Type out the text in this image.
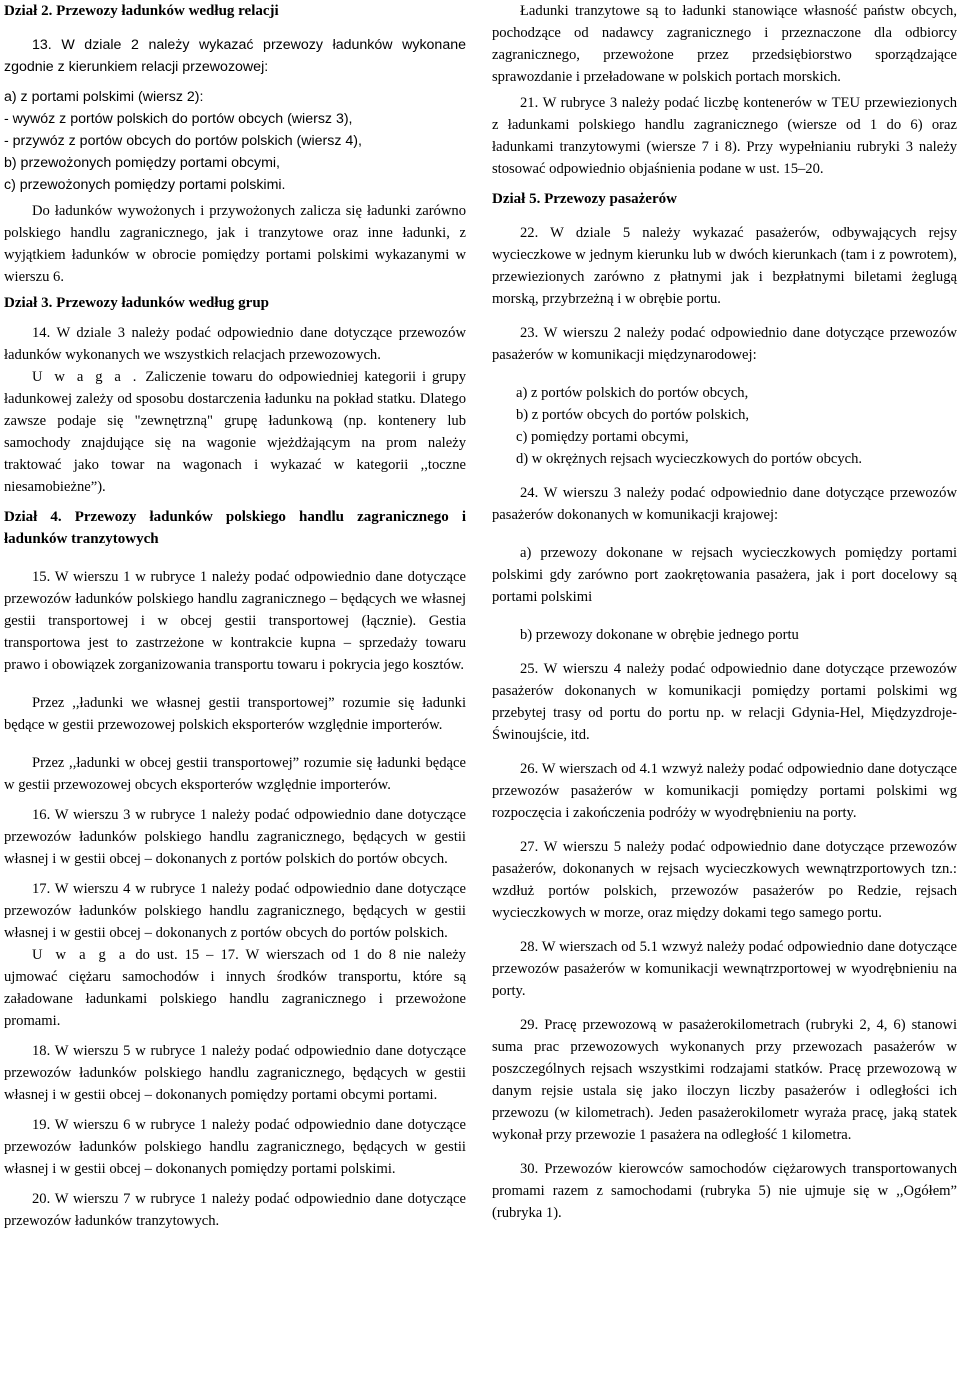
Dział 2. Przewozy ładunków według relacji

13. W dziale 2 należy wykazać przewozy ładunków wykonane zgodnie z kierunkiem relacji przewozowej:

a) z portami polskimi (wiersz 2):

- wywóz z portów polskich do portów obcych (wiersz 3),

- przywóz z portów obcych do portów polskich (wiersz 4),

b) przewożonych pomiędzy portami obcymi,

c) przewożonych pomiędzy portami polskimi.

Do ładunków wywożonych i przywożonych zalicza się ładunki zarówno polskiego handlu zagranicznego, jak i tranzytowe oraz inne ładunki, z wyjątkiem ładunków w obrocie pomiędzy portami polskimi wykazanymi w wierszu 6.

Dział 3. Przewozy ładunków według grup

14. W dziale 3 należy podać odpowiednio dane dotyczące przewozów ładunków wykonanych we wszystkich relacjach przewozowych.

U w a g a . Zaliczenie towaru do odpowiedniej kategorii i grupy ładunkowej zależy od sposobu dostarczenia ładunku na pokład statku. Dlatego zawsze podaje się "zewnętrzną" grupę ładunkową (np. kontenery lub samochody znajdujące się na wagonie wjeżdżającym na prom należy traktować jako towar na wagonach i wykazać w kategorii ,,toczne niesamobieżne”).

Dział 4. Przewozy ładunków polskiego handlu zagranicznego i ładunków tranzytowych

15. W wierszu 1 w rubryce 1 należy podać odpowiednio dane dotyczące przewozów ładunków polskiego handlu zagranicznego – będących we własnej gestii transportowej i w obcej gestii transportowej (łącznie). Gestia transportowa jest to zastrzeżone w kontrakcie kupna – sprzedaży towaru prawo i obowiązek zorganizowania transportu towaru i pokrycia jego kosztów.

Przez ,,ładunki we własnej gestii transportowej” rozumie się ładunki będące w gestii przewozowej polskich eksporterów względnie importerów.

Przez ,,ładunki w obcej gestii transportowej” rozumie się ładunki będące w gestii przewozowej obcych eksporterów względnie importerów.

16. W wierszu 3 w rubryce 1 należy podać odpowiednio dane dotyczące przewozów ładunków polskiego handlu zagranicznego, będących w gestii własnej i w gestii obcej – dokonanych z portów polskich do portów obcych.

17. W wierszu 4 w rubryce 1 należy podać odpowiednio dane dotyczące przewozów ładunków polskiego handlu zagranicznego, będących w gestii własnej i w gestii obcej – dokonanych z portów obcych do portów polskich.

U w a g a do ust. 15 – 17. W wierszach od 1 do 8 nie należy ujmować ciężaru samochodów i innych środków transportu, które są załadowane ładunkami polskiego handlu zagranicznego i przewożone promami.

18. W wierszu 5 w rubryce 1 należy podać odpowiednio dane dotyczące przewozów ładunków polskiego handlu zagranicznego, będących w gestii własnej i w gestii obcej – dokonanych pomiędzy portami obcymi portami.

19. W wierszu 6 w rubryce 1 należy podać odpowiednio dane dotyczące przewozów ładunków polskiego handlu zagranicznego, będących w gestii własnej i w gestii obcej – dokonanych pomiędzy portami polskimi.

20. W wierszu 7 w rubryce 1 należy podać odpowiednio dane dotyczące przewozów ładunków tranzytowych.

Ładunki tranzytowe są to ładunki stanowiące własność państw obcych, pochodzące od nadawcy zagranicznego i przeznaczone dla odbiorcy zagranicznego, przewożone przez przedsiębiorstwo sporządzające sprawozdanie i przeładowane w polskich portach morskich.

21. W rubryce 3 należy podać liczbę kontenerów w TEU przewiezionych z ładunkami polskiego handlu zagranicznego (wiersze od 1 do 6) oraz ładunkami tranzytowymi (wiersze 7 i 8). Przy wypełnianiu rubryki 3 należy stosować odpowiednio objaśnienia podane w ust. 15–20.

Dział 5. Przewozy pasażerów

22. W dziale 5 należy wykazać pasażerów, odbywających rejsy wycieczkowe w jednym kierunku lub w dwóch kierunkach (tam i z powrotem), przewiezionych zarówno z płatnymi jak i bezpłatnymi biletami żeglugą morską, przybrzeżną i w obrębie portu.

23. W wierszu 2 należy podać odpowiednio dane dotyczące przewozów pasażerów w komunikacji międzynarodowej:

a) z portów polskich do portów obcych,

b) z portów obcych do portów polskich,

c) pomiędzy portami obcymi,

d) w okrężnych rejsach wycieczkowych do portów obcych.

24. W wierszu 3 należy podać odpowiednio dane dotyczące przewozów pasażerów dokonanych w komunikacji krajowej:

a) przewozy dokonane w rejsach wycieczkowych pomiędzy portami polskimi gdy zarówno port zaokrętowania pasażera, jak i port docelowy są portami polskimi

b) przewozy dokonane w obrębie jednego portu

25. W wierszu 4 należy podać odpowiednio dane dotyczące przewozów pasażerów dokonanych w komunikacji pomiędzy portami polskimi wg przebytej trasy od portu do portu np. w relacji Gdynia-Hel, Międzyzdroje-Świnoujście, itd.

26. W wierszach od 4.1 wzwyż należy podać odpowiednio dane dotyczące przewozów pasażerów w komunikacji pomiędzy portami polskimi wg rozpoczęcia i zakończenia podróży w wyodrębnieniu na porty.

27. W wierszu 5 należy podać odpowiednio dane dotyczące przewozów pasażerów, dokonanych w rejsach wycieczkowych wewnątrzportowych tzn.: wzdłuż portów polskich, przewozów pasażerów po Redzie, rejsach wycieczkowych w morze, oraz między dokami tego samego portu.

28. W wierszach od 5.1 wzwyż należy podać odpowiednio dane dotyczące przewozów pasażerów w komunikacji wewnątrzportowej w wyodrębnieniu na porty.

29. Pracę przewozową w pasażerokilometrach (rubryki 2, 4, 6) stanowi suma prac przewozowych wykonanych przy przewozach pasażerów w poszczególnych rejsach wszystkimi rodzajami statków. Pracę przewozową w danym rejsie ustala się jako iloczyn liczby pasażerów i odległości ich przewozu (w kilometrach). Jeden pasażerokilometr wyraża pracę, jaką statek wykonał przy przewozie 1 pasażera na odległość 1 kilometra.

30. Przewozów kierowców samochodów ciężarowych transportowanych promami razem z samochodami (rubryka 5) nie ujmuje się w ,,Ogółem” (rubryka 1).
